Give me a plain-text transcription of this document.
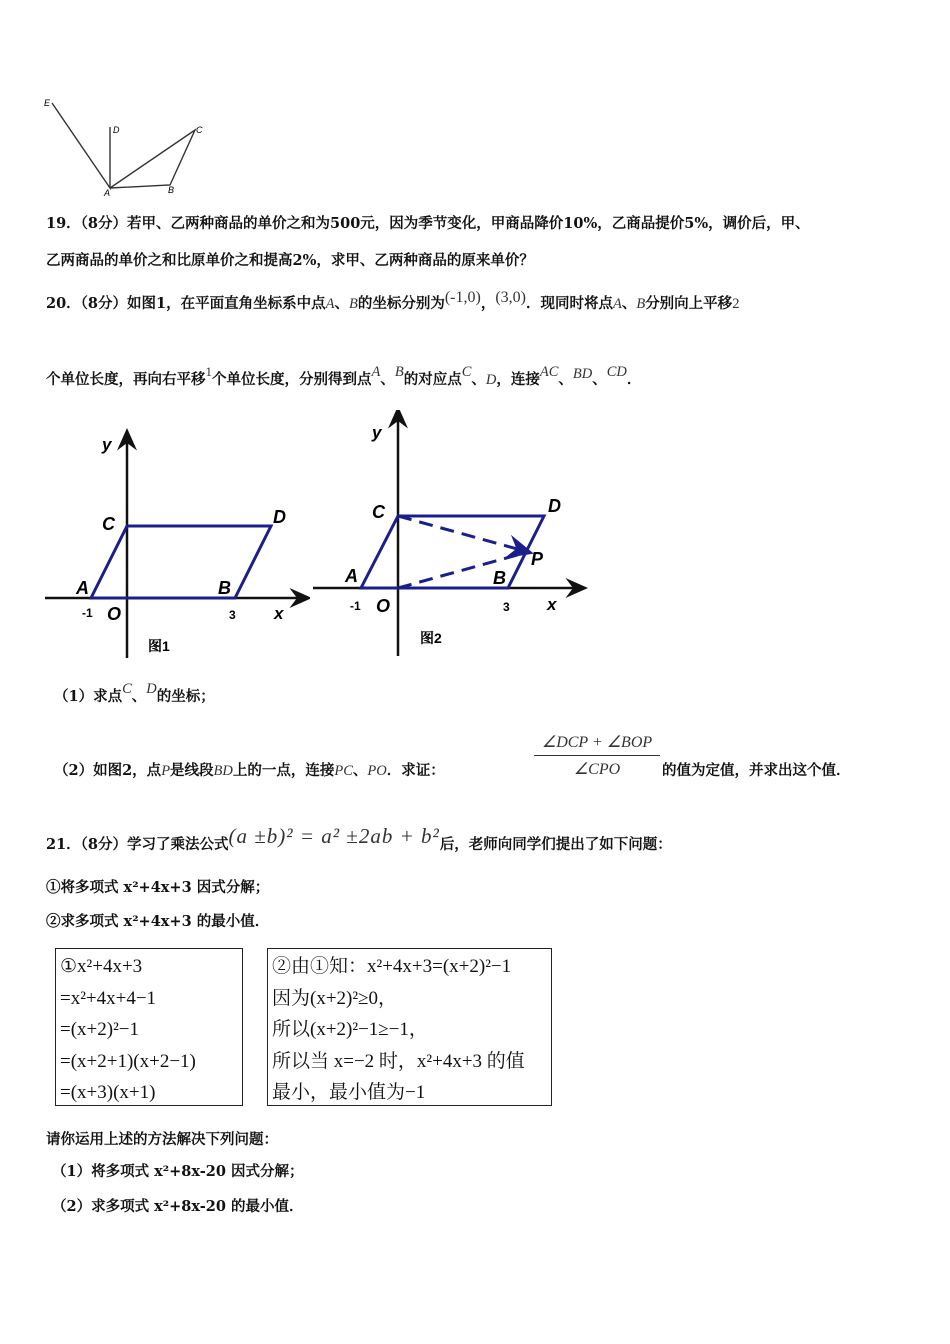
E
D	C
A	B
19．（8分）若甲、乙两种商品的单价之和为500元，因为季节变化，甲商品降价10%，乙商品提价5%，调价后，甲、
乙两商品的单价之和比原单价之和提高2%，求甲、乙两种商品的原来单价？
20．（8分）如图1，在平面直角坐标系中点A、B的坐标分别为(-1,0)，(3,0)．现同时将点A、B分别向上平移2
个单位长度，再向右平移1个单位长度，分别得到点A、B的对应点C、D，连接AC、BD、CD．
y
C	D
A	B
-1 O	3 x
图1
y
C	D
P
A	B
-1 O	3 x
图2
（1）求点C、D的坐标；
（2）如图2，点P是线段BD上的一点，连接PC、PO．求证：
∠DCP + ∠BOP
∠CPO	的值为定值，并求出这个值．
21．（8分）学习了乘法公式(a ±b)² = a² ±2ab + b²后，老师向同学们提出了如下问题：
①将多项式 x²+4x+3 因式分解；
②求多项式 x²+4x+3 的最小值．
①x²+4x+3
=x²+4x+4−1
=(x+2)²−1
=(x+2+1)(x+2−1)
=(x+3)(x+1)
②由①知：x²+4x+3=(x+2)²−1
因为(x+2)²≥0，
所以(x+2)²−1≥−1，
所以当 x=−2 时，x²+4x+3 的值
最小，最小值为−1
请你运用上述的方法解决下列问题：
（1）将多项式 x²+8x-20 因式分解；
（2）求多项式 x²+8x-20 的最小值．
